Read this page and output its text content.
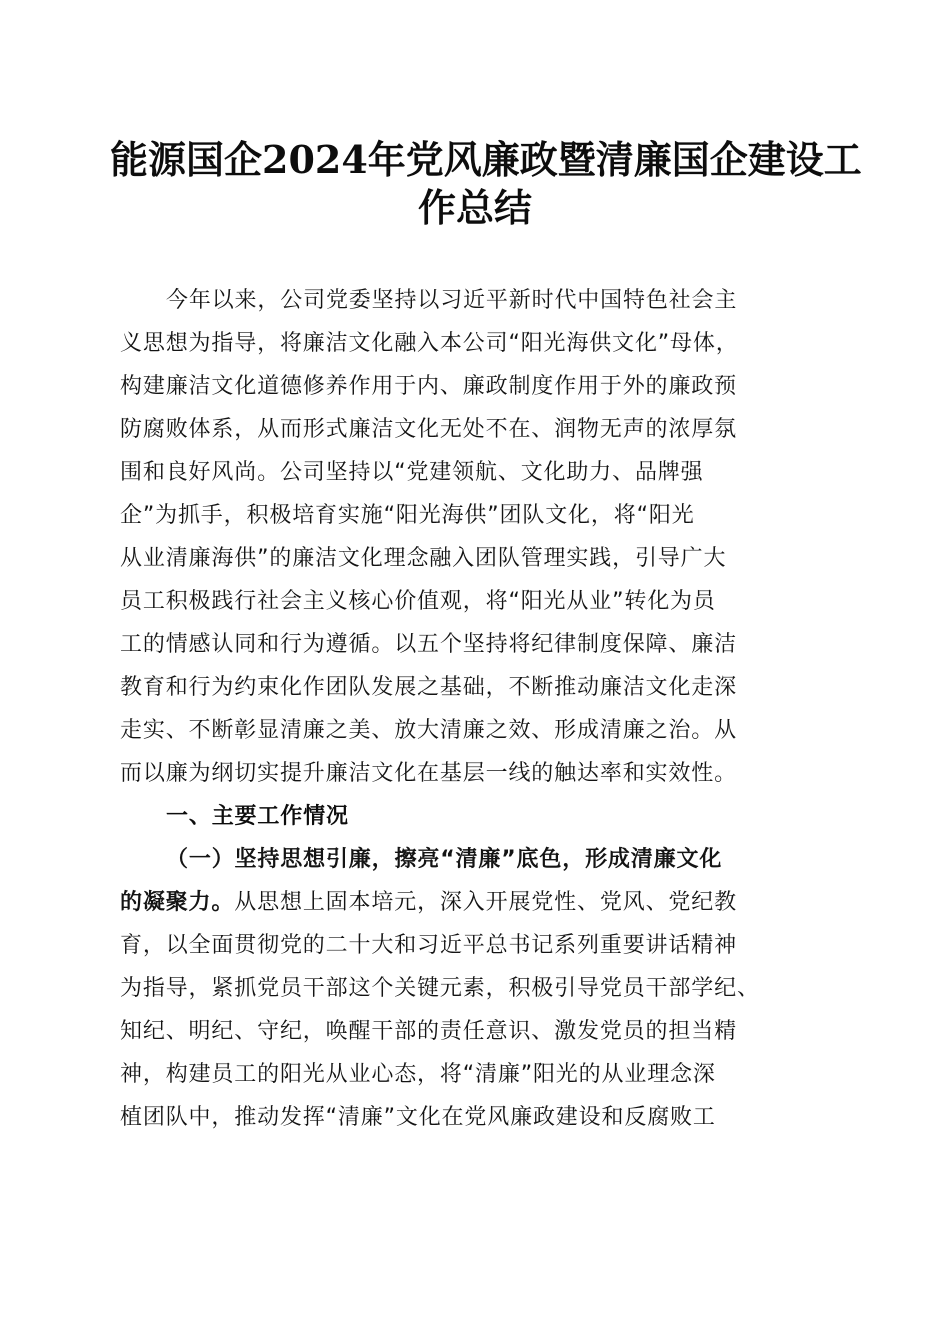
能源国企2024年党风廉政暨清廉国企建设工
作总结
今年以来，公司党委坚持以习近平新时代中国特色社会主
义思想为指导，将廉洁文化融入本公司“阳光海供文化”母体，
构建廉洁文化道德修养作用于内、廉政制度作用于外的廉政预
防腐败体系，从而形式廉洁文化无处不在、润物无声的浓厚氛
围和良好风尚。公司坚持以“党建领航、文化助力、品牌强
企”为抓手，积极培育实施“阳光海供”团队文化，将“阳光
从业清廉海供”的廉洁文化理念融入团队管理实践，引导广大
员工积极践行社会主义核心价值观，将“阳光从业”转化为员
工的情感认同和行为遵循。以五个坚持将纪律制度保障、廉洁
教育和行为约束化作团队发展之基础，不断推动廉洁文化走深
走实、不断彰显清廉之美、放大清廉之效、形成清廉之治。从
而以廉为纲切实提升廉洁文化在基层一线的触达率和实效性。
一、主要工作情况
（一）坚持思想引廉，擦亮“清廉”底色，形成清廉文化
的凝聚力。从思想上固本培元，深入开展党性、党风、党纪教
育，以全面贯彻党的二十大和习近平总书记系列重要讲话精神
为指导，紧抓党员干部这个关键元素，积极引导党员干部学纪、
知纪、明纪、守纪，唤醒干部的责任意识、激发党员的担当精
神，构建员工的阳光从业心态，将“清廉”阳光的从业理念深
植团队中，推动发挥“清廉”文化在党风廉政建设和反腐败工
